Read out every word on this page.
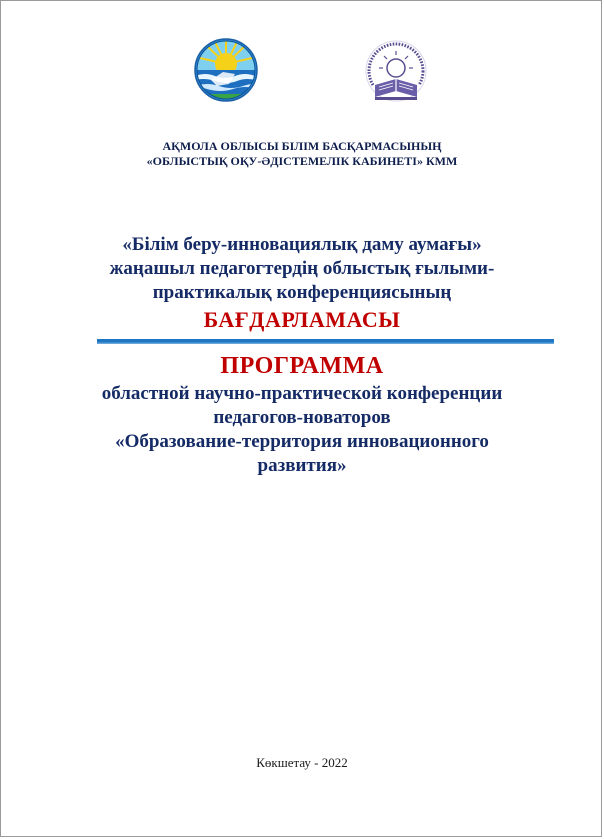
АҚМОЛА ОБЛЫСЫ БІЛІМ БАСҚАРМАСЫНЫҢ
«ОБЛЫСТЫҚ ОҚУ-ӘДІСТЕМЕЛІК КАБИНЕТІ» КММ
«Білім беру-инновациялық даму аумағы»
жаңашыл педагогтердің облыстық ғылыми-
практикалық конференциясының
БАҒДАРЛАМАСЫ
ПРОГРАММА
областной научно-практической конференции
педагогов-новаторов
«Образование-территория инновационного
развития»
Көкшетау - 2022
